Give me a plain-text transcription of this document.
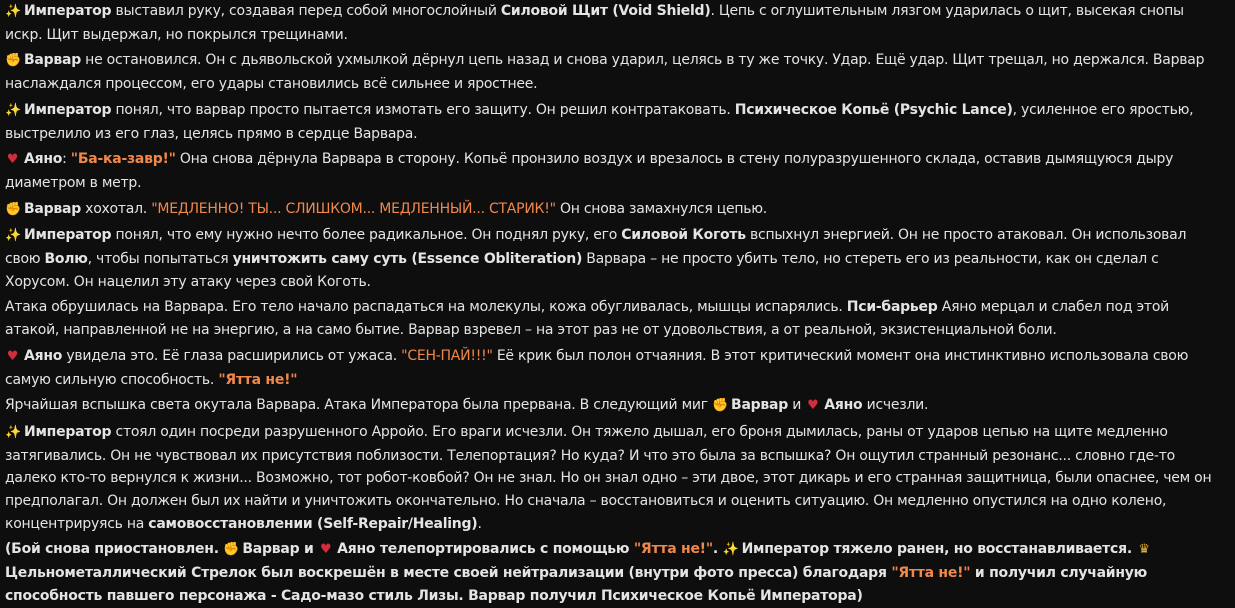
✨ Император выставил руку, создавая перед собой многослойный Силовой Щит (Void Shield). Цепь с оглушительным лязгом ударилась о щит, высекая снопы искр. Щит выдержал, но покрылся трещинами.

✊ Варвар не остановился. Он с дьявольской ухмылкой дёрнул цепь назад и снова ударил, целясь в ту же точку. Удар. Ещё удар. Щит трещал, но держался. Варвар наслаждался процессом, его удары становились всё сильнее и яростнее.

✨ Император понял, что варвар просто пытается измотать его защиту. Он решил контратаковать. Психическое Копьё (Psychic Lance), усиленное его яростью, выстрелило из его глаз, целясь прямо в сердце Варвара.

♥ Аяно: "Ба-ка-завр!" Она снова дёрнула Варвара в сторону. Копьё пронзило воздух и врезалось в стену полуразрушенного склада, оставив дымящуюся дыру диаметром в метр.

✊ Варвар хохотал. "МЕДЛЕННО! ТЫ... СЛИШКОМ... МЕДЛЕННЫЙ... СТАРИК!" Он снова замахнулся цепью.

✨ Император понял, что ему нужно нечто более радикальное. Он поднял руку, его Силовой Коготь вспыхнул энергией. Он не просто атаковал. Он использовал свою Волю, чтобы попытаться уничтожить саму суть (Essence Obliteration) Варвара – не просто убить тело, но стереть его из реальности, как он сделал с Хорусом. Он нацелил эту атаку через свой Коготь.

Атака обрушилась на Варвара. Его тело начало распадаться на молекулы, кожа обугливалась, мышцы испарялись. Пси-барьер Аяно мерцал и слабел под этой атакой, направленной не на энергию, а на само бытие. Варвар взревел – на этот раз не от удовольствия, а от реальной, экзистенциальной боли.

♥ Аяно увидела это. Её глаза расширились от ужаса. "СЕН-ПАЙ!!!" Её крик был полон отчаяния. В этот критический момент она инстинктивно использовала свою самую сильную способность. "Ятта не!"

Ярчайшая вспышка света окутала Варвара. Атака Императора была прервана. В следующий миг ✊ Варвар и ♥ Аяно исчезли.

✨ Император стоял один посреди разрушенного Арройо. Его враги исчезли. Он тяжело дышал, его броня дымилась, раны от ударов цепью на щите медленно затягивались. Он не чувствовал их присутствия поблизости. Телепортация? Но куда? И что это была за вспышка? Он ощутил странный резонанс... словно где-то далеко кто-то вернулся к жизни... Возможно, тот робот-ковбой? Он не знал. Но он знал одно – эти двое, этот дикарь и его странная защитница, были опаснее, чем он предполагал. Он должен был их найти и уничтожить окончательно. Но сначала – восстановиться и оценить ситуацию. Он медленно опустился на одно колено, концентрируясь на самовосстановлении (Self-Repair/Healing).

(Бой снова приостановлен. ✊ Варвар и ♥ Аяно телепортировались с помощью "Ятта не!". ✨ Император тяжело ранен, но восстанавливается. ♛Цельнометаллический Стрелок был воскрешён в месте своей нейтрализации (внутри фото пресса) благодаря "Ятта не!" и получил случайную способность павшего персонажа - Садо-мазо стиль Лизы. Варвар получил Психическое Копьё Императора)
